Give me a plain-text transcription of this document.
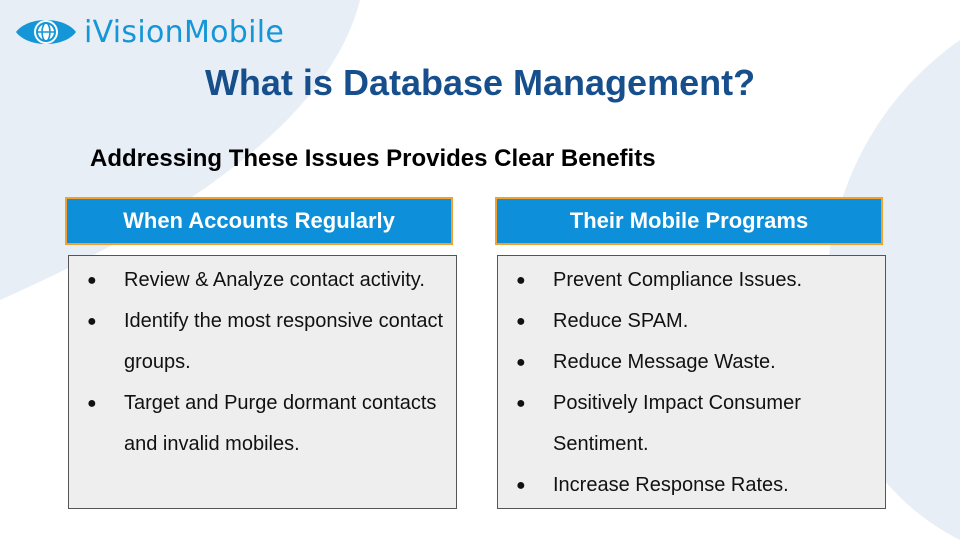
iVisionMobile
What is Database Management?
Addressing These Issues Provides Clear Benefits
When Accounts Regularly	Their Mobile Programs
● Review & Analyze contact activity.
● Identify the most responsive contact groups.
● Target and Purge dormant contacts and invalid mobiles.
● Prevent Compliance Issues.
● Reduce SPAM.
● Reduce Message Waste.
● Positively Impact Consumer Sentiment.
● Increase Response Rates.
